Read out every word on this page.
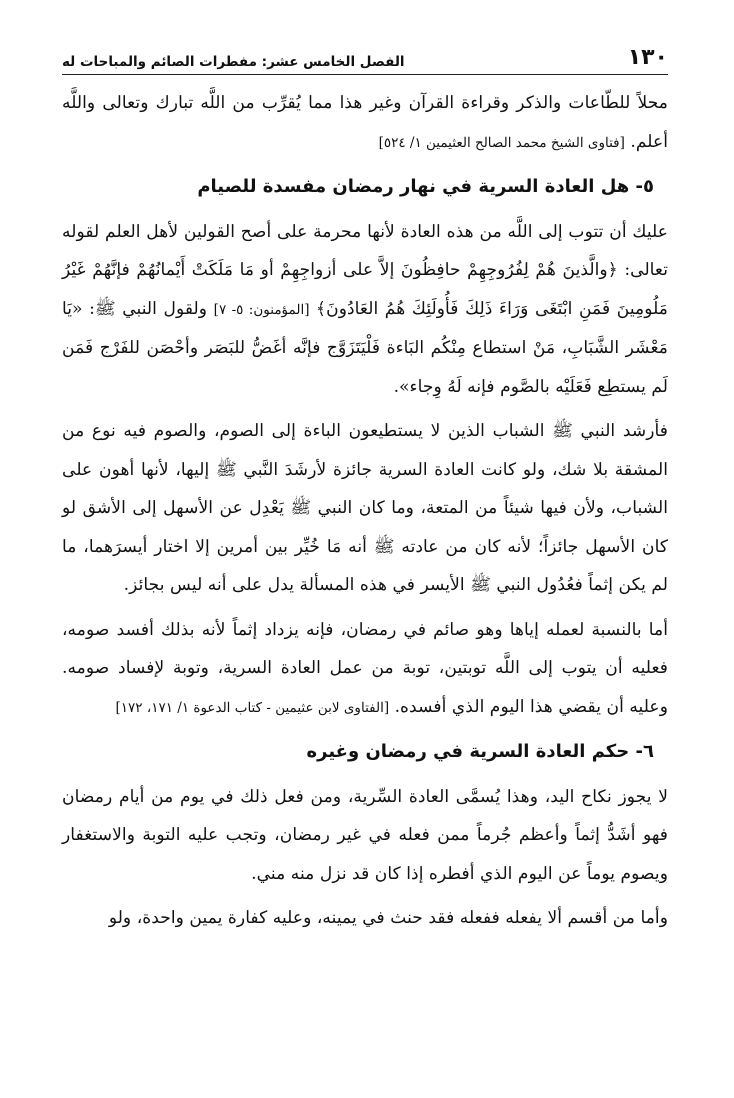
١٣٠
الفصل الخامس عشر: مفطرات الصائم والمباحات له

محلاً للطّاعات والذكر وقراءة القرآن وغير هذا مما يُقرِّب من اللَّه تبارك وتعالى واللَّه أعلم. [فتاوى الشيخ محمد الصالح العثيمين ١/ ٥٢٤]

٥- هل العادة السرية في نهار رمضان مفسدة للصيام

عليك أن تتوب إلى اللَّه من هذه العادة لأنها محرمة على أصح القولين لأهل العلم لقوله تعالى: ﴿والَّذينَ هُمْ لِفُرُوجِهِمْ حافِظُونَ إلاَّ على أزواجِهِمْ أو مَا مَلَكَتْ أَيْمانُهُمْ فإنَّهُمْ غَيْرُ مَلُومِينَ فَمَنِ ابْتَغَى وَرَاءَ ذَلِكَ فَأُولَئِكَ هُمُ العَادُونَ﴾ [المؤمنون: ٥- ٧] ولقول النبي ﷺ: «يَا مَعْشَر الشَّبَابِ، مَنْ استطاع مِنْكُم البَاءة فَلْيَتَزَوَّج فإنَّه أغَضُّ للبَصَر وأحْصَن للفَرْج فَمَن لَم يستطِع فَعَلَيْه بالصَّوم فإنه لَهُ وِجاء».

فأرشد النبي ﷺ الشباب الذين لا يستطيعون الباءة إلى الصوم، والصوم فيه نوع من المشقة بلا شك، ولو كانت العادة السرية جائزة لأرشَدَ النَّبي ﷺ إليها، لأنها أهون على الشباب، ولأن فيها شيئاً من المتعة، وما كان النبي ﷺ يَعْدِل عن الأسهل إلى الأشق لو كان الأسهل جائزاً؛ لأنه كان من عادته ﷺ أنه مَا خُيِّر بين أمرين إلا اختار أيسرَهما، ما لم يكن إثماً فعُدُول النبي ﷺ الأيسر في هذه المسألة يدل على أنه ليس بجائز.

أما بالنسبة لعمله إياها وهو صائم في رمضان، فإنه يزداد إثماً لأنه بذلك أفسد صومه، فعليه أن يتوب إلى اللَّه توبتين، توبة من عمل العادة السرية، وتوبة لإفساد صومه. وعليه أن يقضي هذا اليوم الذي أفسده. [الفتاوى لابن عثيمين - كتاب الدعوة ١/ ١٧١، ١٧٢]

٦- حكم العادة السرية في رمضان وغيره

لا يجوز نكاح اليد، وهذا يُسمَّى العادة السِّرية، ومن فعل ذلك في يوم من أيام رمضان فهو أشَدُّ إثماً وأعظم جُرماً ممن فعله في غير رمضان، وتجب عليه التوبة والاستغفار ويصوم يوماً عن اليوم الذي أفطره إذا كان قد نزل منه مني.

وأما من أقسم ألا يفعله ففعله فقد حنث في يمينه، وعليه كفارة يمين واحدة، ولو
